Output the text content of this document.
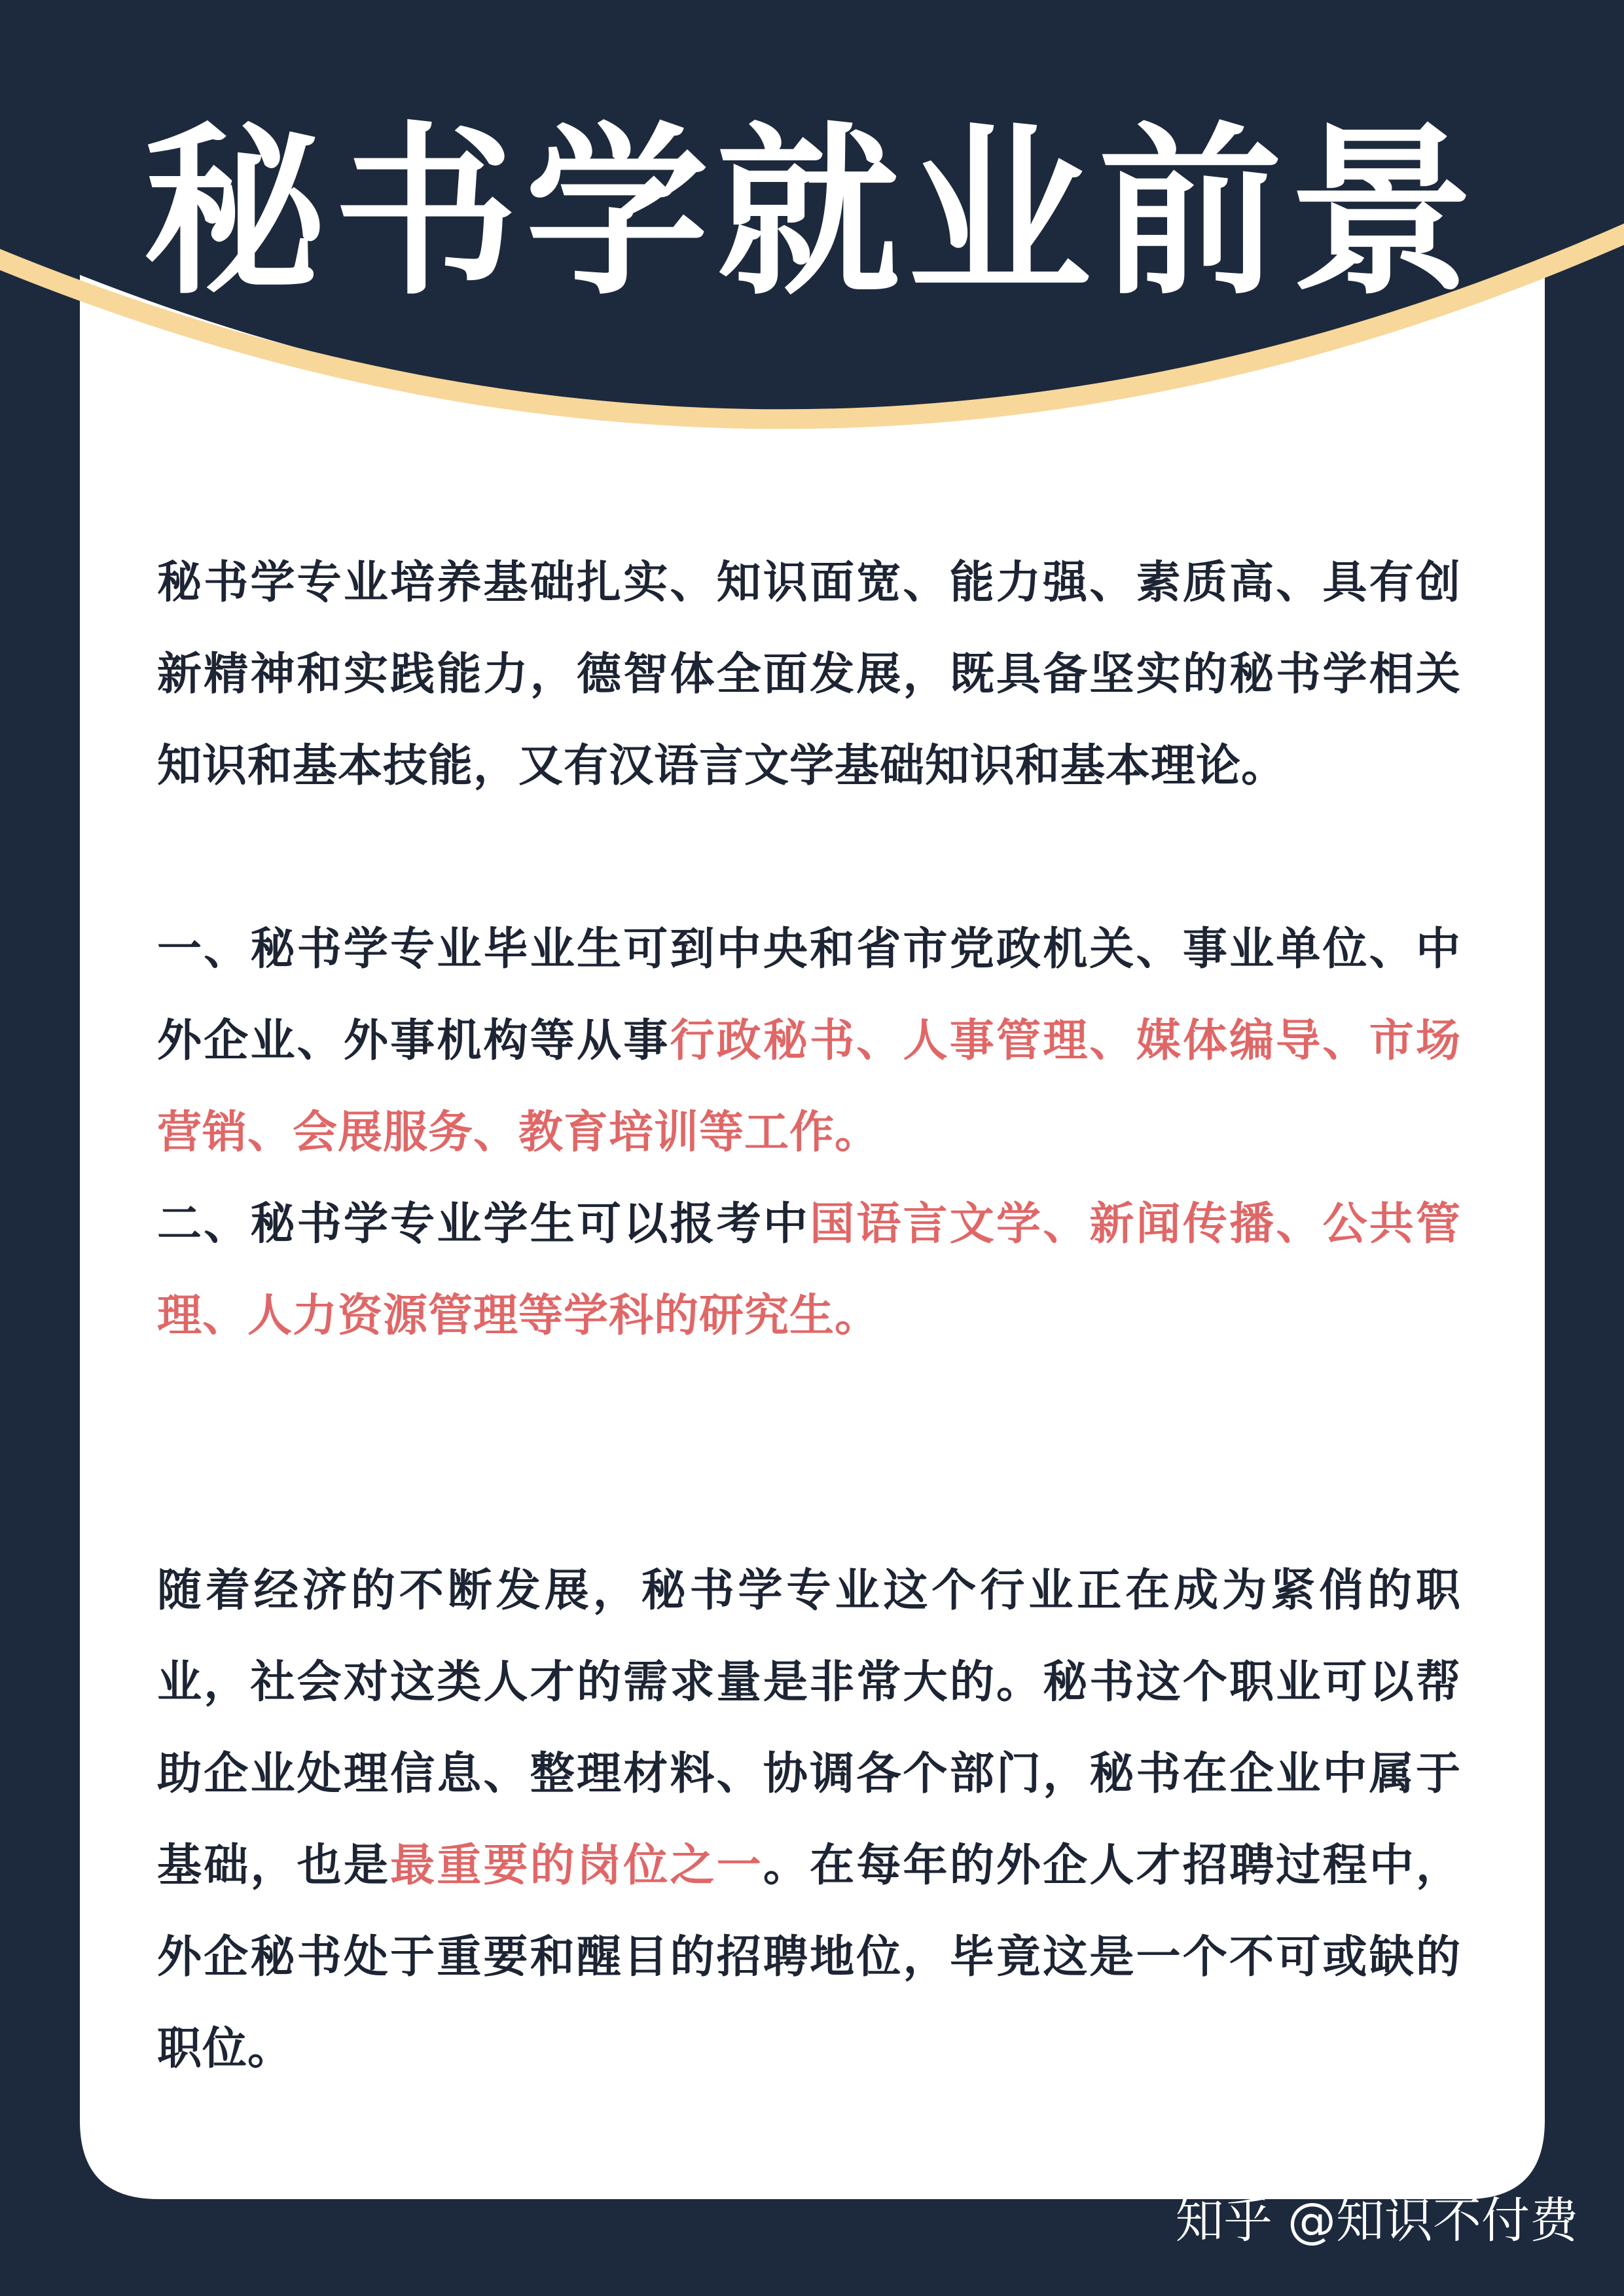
秘书学就业前景

秘书学专业培养基础扎实、知识面宽、能力强、素质高、具有创新精神和实践能力，德智体全面发展，既具备坚实的秘书学相关知识和基本技能，又有汉语言文学基础知识和基本理论。

一、秘书学专业毕业生可到中央和省市党政机关、事业单位、中外企业、外事机构等从事行政秘书、人事管理、媒体编导、市场营销、会展服务、教育培训等工作。

二、秘书学专业学生可以报考中国语言文学、新闻传播、公共管理、人力资源管理等学科的研究生。

随着经济的不断发展，秘书学专业这个行业正在成为紧俏的职业，社会对这类人才的需求量是非常大的。秘书这个职业可以帮助企业处理信息、整理材料、协调各个部门，秘书在企业中属于基础，也是最重要的岗位之一。在每年的外企人才招聘过程中，外企秘书处于重要和醒目的招聘地位，毕竟这是一个不可或缺的职位。

知乎 @知识不付费
